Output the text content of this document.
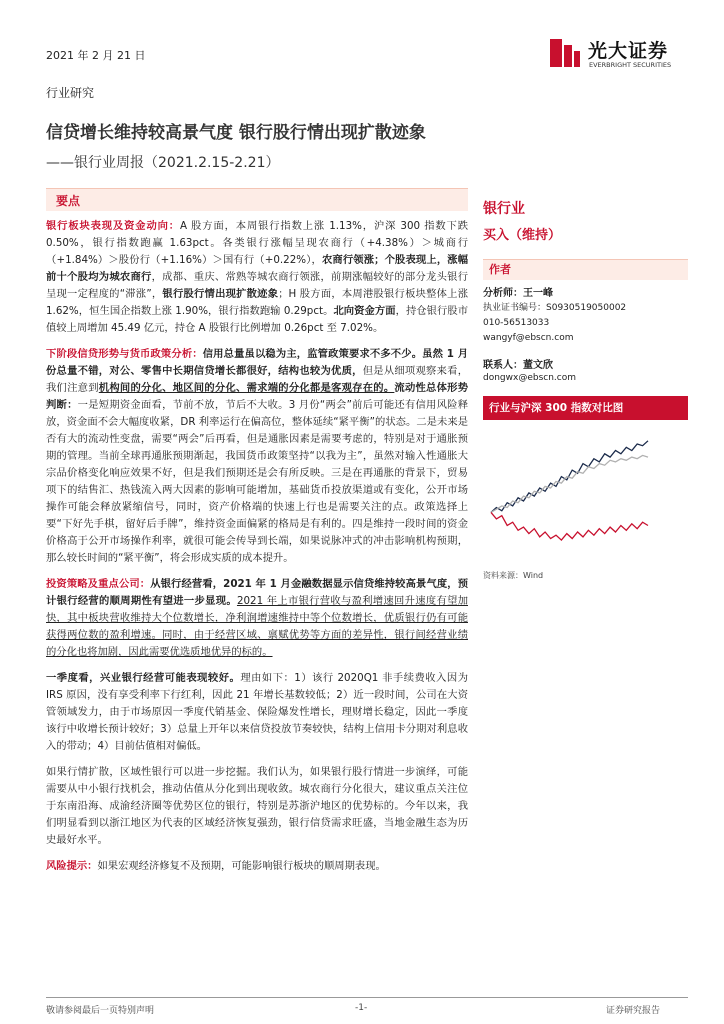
2021 年 2 月 21 日	光大证券
EVERBRIGHT SECURITIES
行业研究
信贷增长维持较高景气度 银行股行情出现扩散迹象
——银行业周报（2021.2.15-2.21）
要点

银行板块表现及资金动向：A 股方面，本周银行指数上涨 1.13%，沪深 300 指数下跌 0.50%，银行指数跑赢 1.63pct。各类银行涨幅呈现农商行（+4.38%）＞城商行（+1.84%）＞股份行（+1.16%）＞国有行（+0.22%），农商行领涨；个股表现上，涨幅前十个股均为城农商行，成都、重庆、常熟等城农商行领涨，前期涨幅较好的部分龙头银行呈现一定程度的“滞涨”，银行股行情出现扩散迹象；H 股方面，本周港股银行板块整体上涨 1.62%，恒生国企指数上涨 1.90%，银行指数跑输 0.29pct。北向资金方面，持仓银行股市值较上周增加 45.49 亿元，持仓 A 股银行比例增加 0.26pct 至 7.02%。

下阶段信贷形势与货币政策分析：信用总量虽以稳为主，监管政策要求不多不少。虽然 1 月份总量不错，对公、零售中长期信贷增长都很好，结构也较为优质，但是从细项观察来看，我们注意到机构间的分化、地区间的分化、需求端的分化都是客观存在的。流动性总体形势判断：一是短期资金面看，节前不放，节后不大收。3 月份“两会”前后可能还有信用风险释放，资金面不会大幅度收紧，DR 利率运行在偏高位，整体延续“紧平衡”的状态。二是未来是否有大的流动性变盘，需要“两会”后再看，但是通胀因素是需要考虑的，特别是对于通胀预期的管理。当前全球再通胀预期渐起，我国货币政策坚持“以我为主”，虽然对输入性通胀大宗品价格变化响应效果不好，但是我们预期还是会有所反映。三是在再通胀的背景下，贸易项下的结售汇、热钱流入两大因素的影响可能增加，基础货币投放渠道或有变化，公开市场操作可能会释放紧缩信号，同时，资产价格端的快速上行也是需要关注的点。政策选择上要“下好先手棋，留好后手牌”，维持资金面偏紧的格局是有利的。四是维持一段时间的资金价格高于公开市场操作利率，就很可能会传导到长端，如果说脉冲式的冲击影响机构预期，那么较长时间的“紧平衡”，将会形成实质的成本提升。

投资策略及重点公司：从银行经营看，2021 年 1 月金融数据显示信贷维持较高景气度，预计银行经营的顺周期性有望进一步显现。2021 年上市银行营收与盈利增速回升速度有望加快，其中板块营收维持大个位数增长，净利润增速维持中等个位数增长，优质银行仍有可能获得两位数的盈利增速。同时，由于经营区域、禀赋优势等方面的差异性，银行间经营业绩的分化也将加剧，因此需要优选质地优异的标的。

一季度看，兴业银行经营可能表现较好。理由如下：1）该行 2020Q1 非手续费收入因为 IRS 原因，没有享受利率下行红利，因此 21 年增长基数较低；2）近一段时间，公司在大资管领域发力，由于市场原因一季度代销基金、保险爆发性增长，理财增长稳定，因此一季度该行中收增长预计较好；3）总量上开年以来信贷投放节奏较快，结构上信用卡分期对利息收入的带动；4）目前估值相对偏低。

如果行情扩散，区域性银行可以进一步挖掘。我们认为，如果银行股行情进一步演绎，可能需要从中小银行找机会，推动估值从分化到出现收敛。城农商行分化很大，建议重点关注位于东南沿海、成渝经济圈等优势区位的银行，特别是苏浙沪地区的优势标的。今年以来，我们明显看到以浙江地区为代表的区域经济恢复强劲，银行信贷需求旺盛，当地金融生态为历史最好水平。

风险提示：如果宏观经济修复不及预期，可能影响银行板块的顺周期表现。

银行业
买入（维持）
作者
分析师：王一峰
执业证书编号：S0930519050002
010-56513033
wangyf@ebscn.com
联系人：董文欣
dongwx@ebscn.com
行业与沪深 300 指数对比图
资料来源：Wind
敬请参阅最后一页特别声明	-1-	证券研究报告
